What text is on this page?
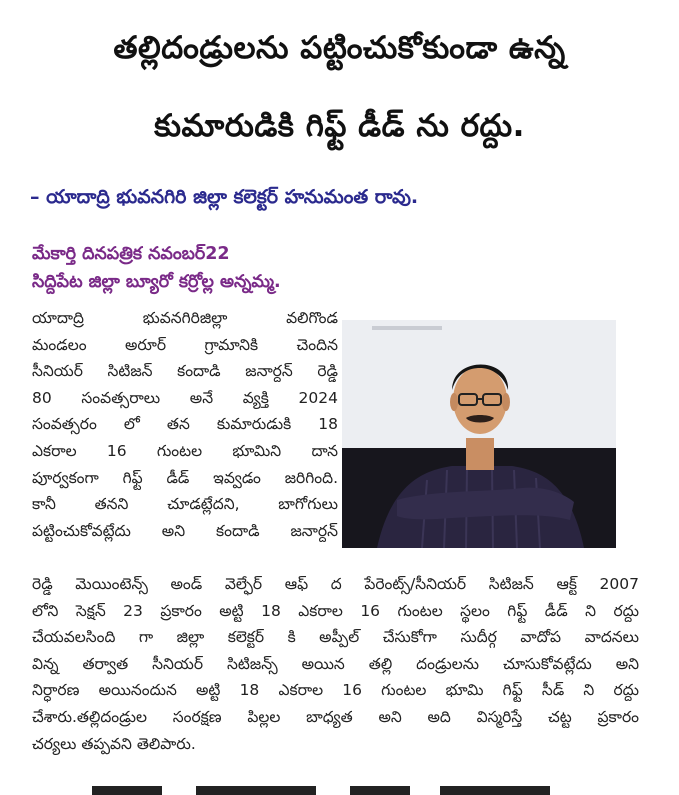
తల్లిదండ్రులను పట్టించుకోకుండా ఉన్న
కుమారుడికి గిఫ్ట్ డీడ్ ను రద్దు.
– యాదాద్రి భువనగిరి జిల్లా కలెక్టర్ హనుమంత రావు.
మేకార్తి దినపత్రిక నవంబర్22
సిద్దిపేట జిల్లా బ్యూరో కర్రోల్ల అన్నమ్మ.
యాదాద్రి భువనగిరిజిల్లా వలిగొండ
మండలం అరూర్ గ్రామానికి చెందిన
సీనియర్ సిటిజన్ కందాడి జనార్దన్ రెడ్డి
80 సంవత్సరాలు అనే వ్యక్తి 2024
సంవత్సరం లో తన కుమారుడుకి 18
ఎకరాల 16 గుంటల భూమిని దాన
పూర్వకంగా గిఫ్ట్ డీడ్ ఇవ్వడం జరిగింది.
కానీ తనని చూడట్లేదని, బాగోగులు
పట్టించుకోవట్లేదు అని కందాడి జనార్దన్
రెడ్డి మెయింటెన్స్ అండ్ వెల్ఫేర్ ఆఫ్ ద పేరెంట్స్/సీనియర్ సిటిజన్ ఆక్ట్ 2007
లోని సెక్షన్ 23 ప్రకారం అట్టి 18 ఎకరాల 16 గుంటల స్థలం గిఫ్ట్ డీడ్ ని రద్దు
చేయవలసింది గా జిల్లా కలెక్టర్ కి అప్పీల్ చేసుకోగా సుదీర్గ వాదోప వాదనలు
విన్న తర్వాత సీనియర్ సిటిజన్స్ అయిన తల్లి దండ్రులను చూసుకోవట్లేదు అని
నిర్ధారణ అయినందున అట్టి 18 ఎకరాల 16 గుంటల భూమి గిఫ్ట్ సీడ్ ని రద్దు
చేశారు.తల్లిదండ్రుల సంరక్షణ పిల్లల బాధ్యత అని అది విస్మరిస్తే చట్ట ప్రకారం
చర్యలు తప్పవని తెలిపారు.
